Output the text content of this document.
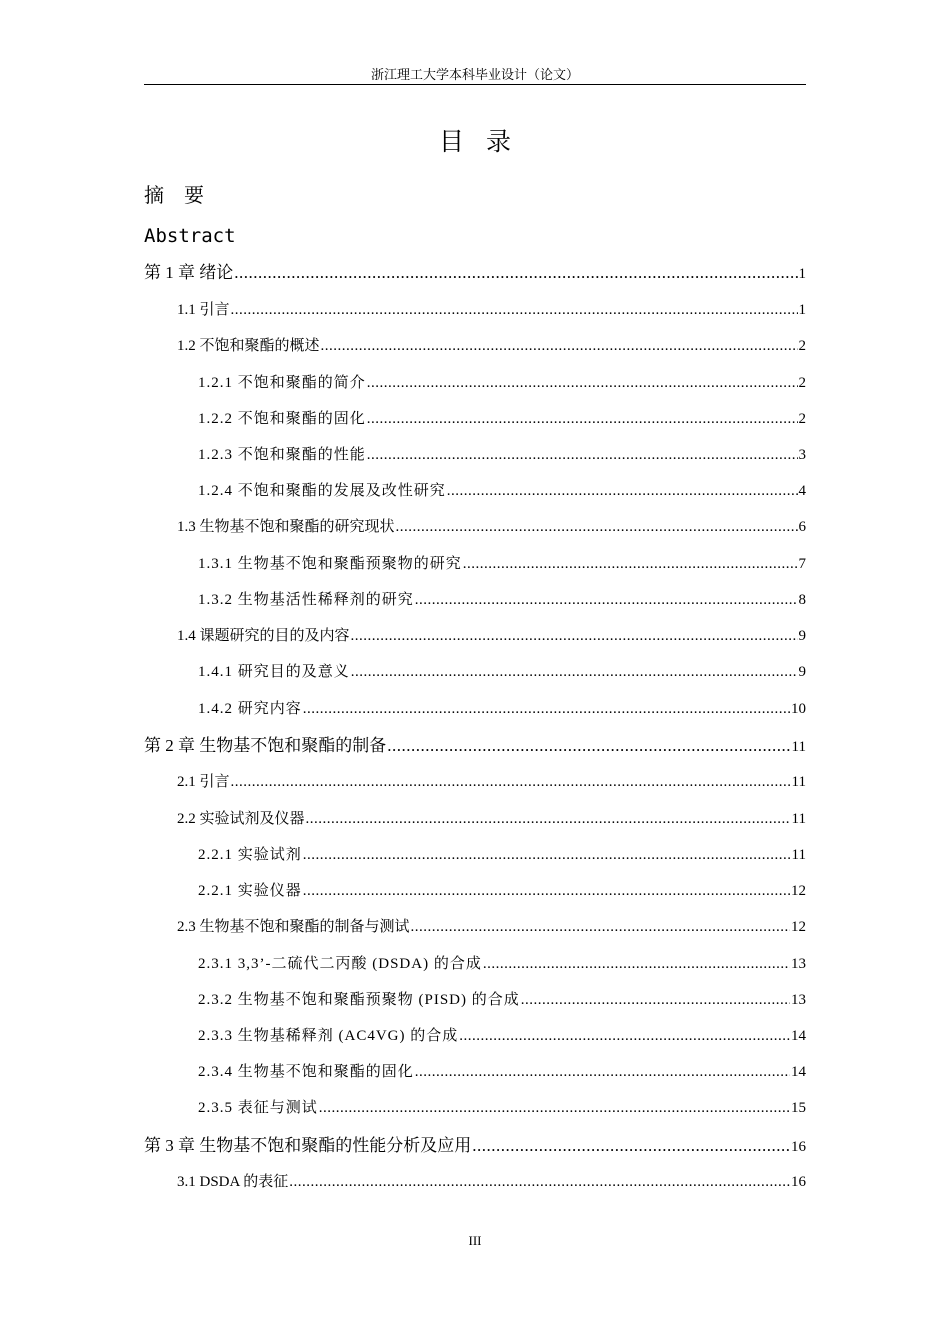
浙江理工大学本科毕业设计（论文）
目录
摘　要
Abstract
第 1 章 绪论 .....	1
1.1 引言 .....	1
1.2 不饱和聚酯的概述 .....	2
1.2.1 不饱和聚酯的简介 .....	2
1.2.2 不饱和聚酯的固化 .....	2
1.2.3 不饱和聚酯的性能 .....	3
1.2.4 不饱和聚酯的发展及改性研究 .....	4
1.3 生物基不饱和聚酯的研究现状 .....	6
1.3.1 生物基不饱和聚酯预聚物的研究 .....	7
1.3.2 生物基活性稀释剂的研究 .....	8
1.4 课题研究的目的及内容 .....	9
1.4.1 研究目的及意义 .....	9
1.4.2 研究内容 .....	10
第 2 章 生物基不饱和聚酯的制备 .....	11
2.1 引言 .....	11
2.2 实验试剂及仪器 .....	11
2.2.1 实验试剂 .....	11
2.2.1 实验仪器 .....	12
2.3 生物基不饱和聚酯的制备与测试 .....	12
2.3.1 3,3’-二硫代二丙酸 (DSDA) 的合成 .....	13
2.3.2 生物基不饱和聚酯预聚物 (PISD) 的合成 .....	13
2.3.3 生物基稀释剂 (AC4VG) 的合成 .....	14
2.3.4 生物基不饱和聚酯的固化 .....	14
2.3.5 表征与测试 .....	15
第 3 章 生物基不饱和聚酯的性能分析及应用 .....	16
3.1 DSDA 的表征 .....	16
III
